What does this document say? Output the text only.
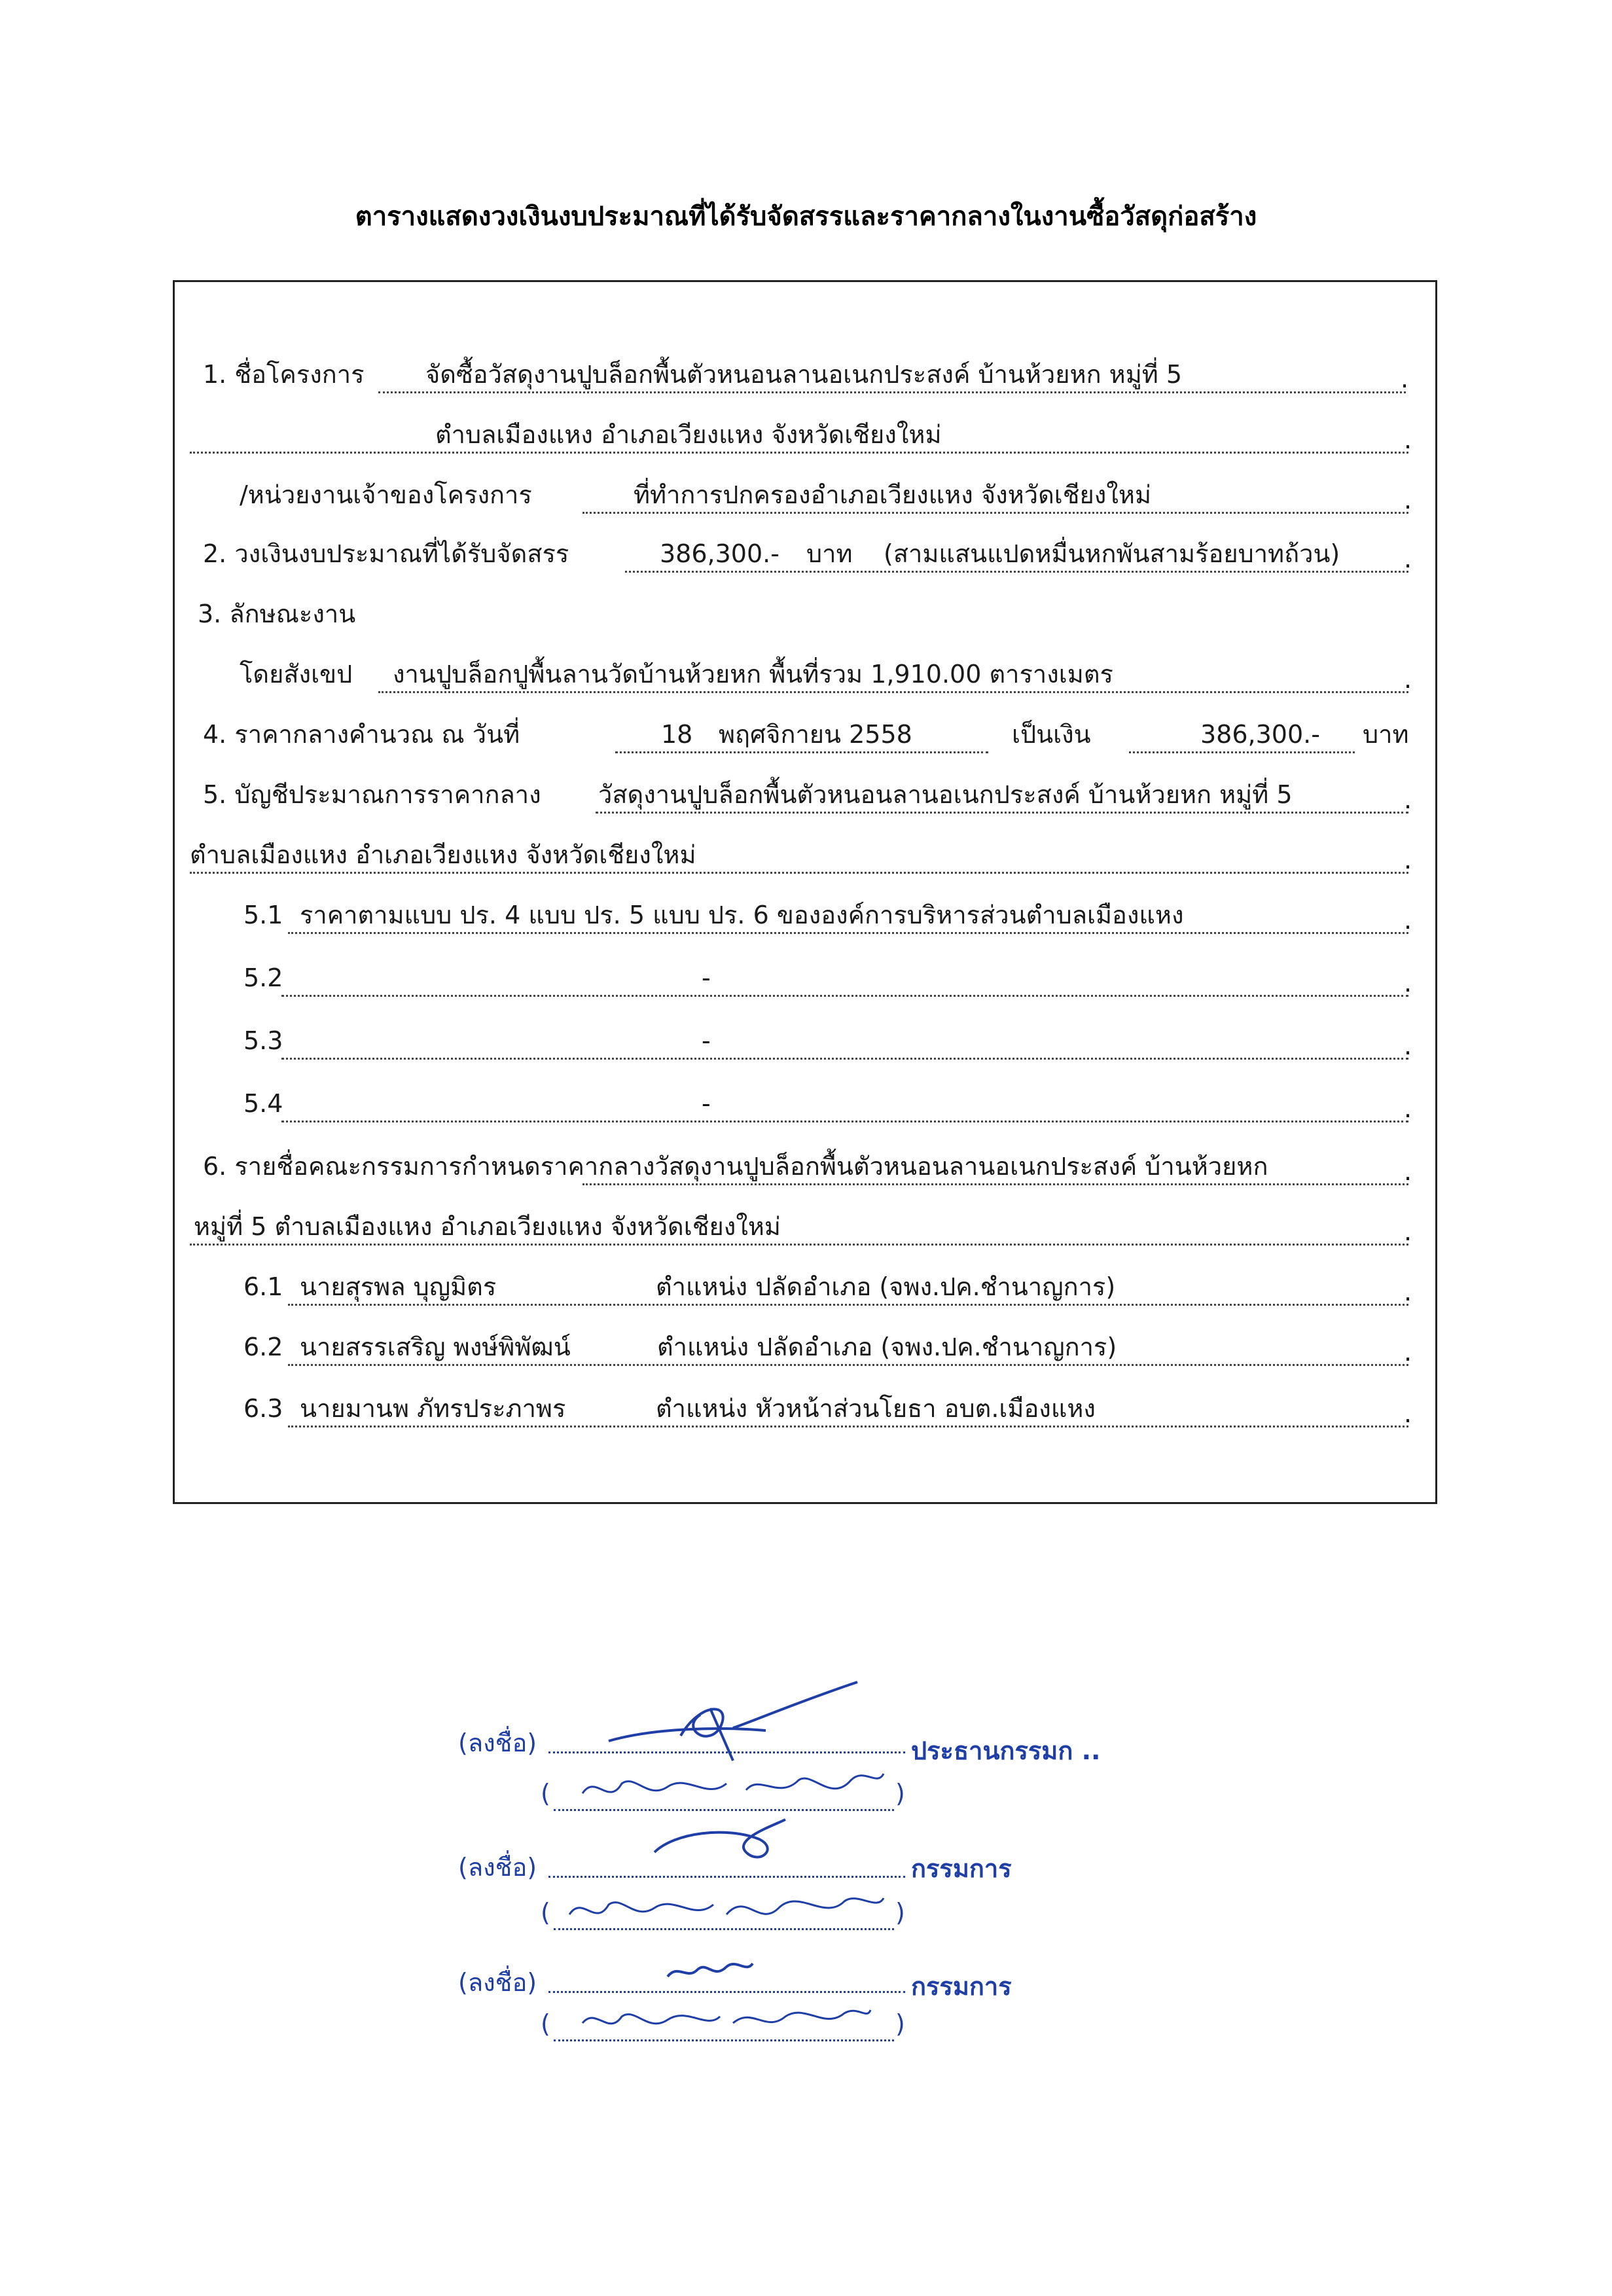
ตารางแสดงวงเงินงบประมาณที่ได้รับจัดสรรและราคากลางในงานซื้อวัสดุก่อสร้าง
1. ชื่อโครงการ จัดซื้อวัสดุงานปูบล็อกพื้นตัวหนอนลานอเนกประสงค์ บ้านห้วยหก หมู่ที่ 5	.
ตำบลเมืองแหง อำเภอเวียงแหง จังหวัดเชียงใหม่	.
/หน่วยงานเจ้าของโครงการ	ที่ทำการปกครองอำเภอเวียงแหง จังหวัดเชียงใหม่	.
2. วงเงินงบประมาณที่ได้รับจัดสรร	386,300.- บาท (สามแสนแปดหมื่นหกพันสามร้อยบาทถ้วน)	.
3. ลักษณะงาน
โดยสังเขป งานปูบล็อกปูพื้นลานวัดบ้านห้วยหก พื้นที่รวม 1,910.00 ตารางเมตร	.
4. ราคากลางคำนวณ ณ วันที่	18 พฤศจิกายน 2558	เป็นเงิน	386,300.- บาท
5. บัญชีประมาณการราคากลาง วัสดุงานปูบล็อกพื้นตัวหนอนลานอเนกประสงค์ บ้านห้วยหก หมู่ที่ 5	.
ตำบลเมืองแหง อำเภอเวียงแหง จังหวัดเชียงใหม่	.
5.1 ราคาตามแบบ ปร. 4 แบบ ปร. 5 แบบ ปร. 6 ขององค์การบริหารส่วนตำบลเมืองแหง	.
5.2	-	.
5.3	-	.
5.4	-	.
6. รายชื่อคณะกรรมการกำหนดราคากลางวัสดุงานปูบล็อกพื้นตัวหนอนลานอเนกประสงค์ บ้านห้วยหก	.
หมู่ที่ 5 ตำบลเมืองแหง อำเภอเวียงแหง จังหวัดเชียงใหม่	.
6.1 นายสุรพล บุญมิตร	ตำแหน่ง ปลัดอำเภอ (จพง.ปค.ชำนาญการ)	.
6.2 นายสรรเสริญ พงษ์พิพัฒน์	ตำแหน่ง ปลัดอำเภอ (จพง.ปค.ชำนาญการ)	.
6.3 นายมานพ ภัทรประภาพร	ตำแหน่ง หัวหน้าส่วนโยธา อบต.เมืองแหง	.
(ลงชื่อ)	ประธานกรรมก ..
(	)
(ลงชื่อ)	กรรมการ
(	)
(ลงชื่อ)	กรรมการ
(	)
